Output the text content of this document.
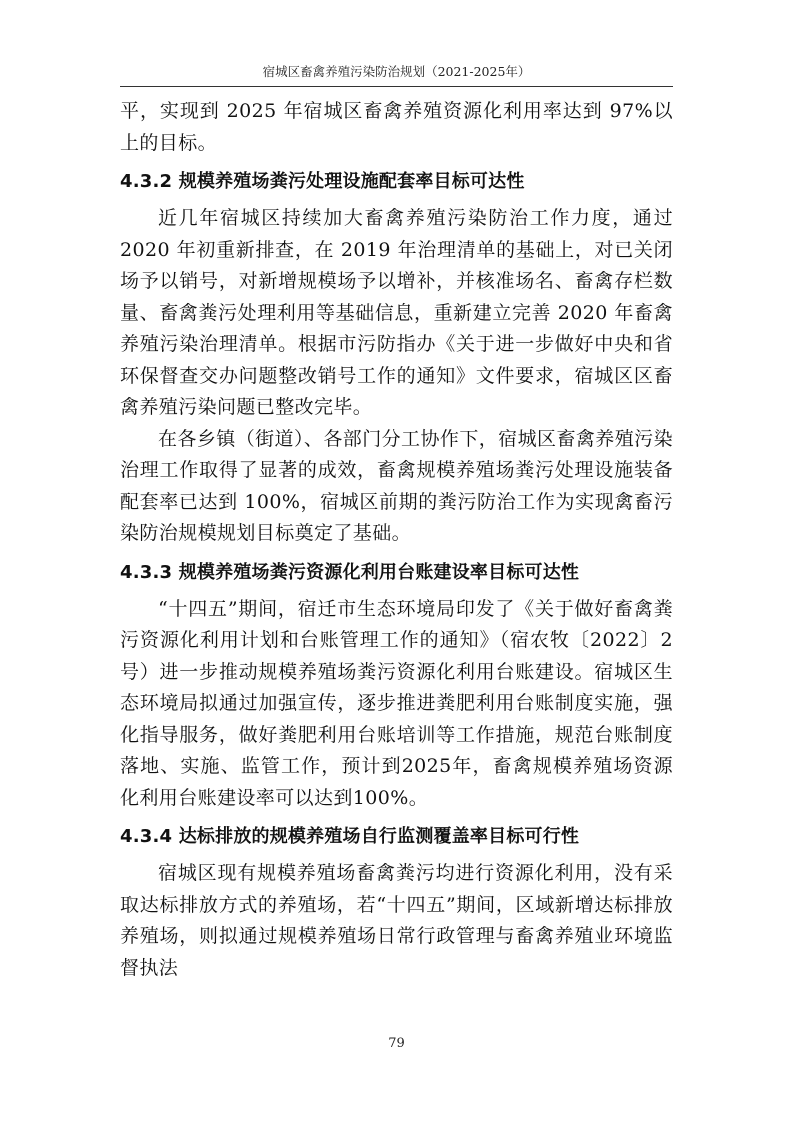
宿城区畜禽养殖污染防治规划（2021-2025年）

平，实现到 2025 年宿城区畜禽养殖资源化利用率达到 97%以上的目标。

4.3.2 规模养殖场粪污处理设施配套率目标可达性

近几年宿城区持续加大畜禽养殖污染防治工作力度，通过 2020 年初重新排查，在 2019 年治理清单的基础上，对已关闭场予以销号，对新增规模场予以增补，并核准场名、畜禽存栏数量、畜禽粪污处理利用等基础信息，重新建立完善 2020 年畜禽养殖污染治理清单。根据市污防指办《关于进一步做好中央和省环保督查交办问题整改销号工作的通知》文件要求，宿城区区畜禽养殖污染问题已整改完毕。

在各乡镇（街道）、各部门分工协作下，宿城区畜禽养殖污染治理工作取得了显著的成效，畜禽规模养殖场粪污处理设施装备配套率已达到 100%，宿城区前期的粪污防治工作为实现禽畜污染防治规模规划目标奠定了基础。

4.3.3 规模养殖场粪污资源化利用台账建设率目标可达性

“十四五”期间，宿迁市生态环境局印发了《关于做好畜禽粪污资源化利用计划和台账管理工作的通知》（宿农牧〔2022〕2号）进一步推动规模养殖场粪污资源化利用台账建设。宿城区生态环境局拟通过加强宣传，逐步推进粪肥利用台账制度实施，强化指导服务，做好粪肥利用台账培训等工作措施，规范台账制度落地、实施、监管工作，预计到2025年，畜禽规模养殖场资源化利用台账建设率可以达到100%。

4.3.4 达标排放的规模养殖场自行监测覆盖率目标可行性

宿城区现有规模养殖场畜禽粪污均进行资源化利用，没有采取达标排放方式的养殖场，若“十四五”期间，区域新增达标排放养殖场，则拟通过规模养殖场日常行政管理与畜禽养殖业环境监督执法

79
